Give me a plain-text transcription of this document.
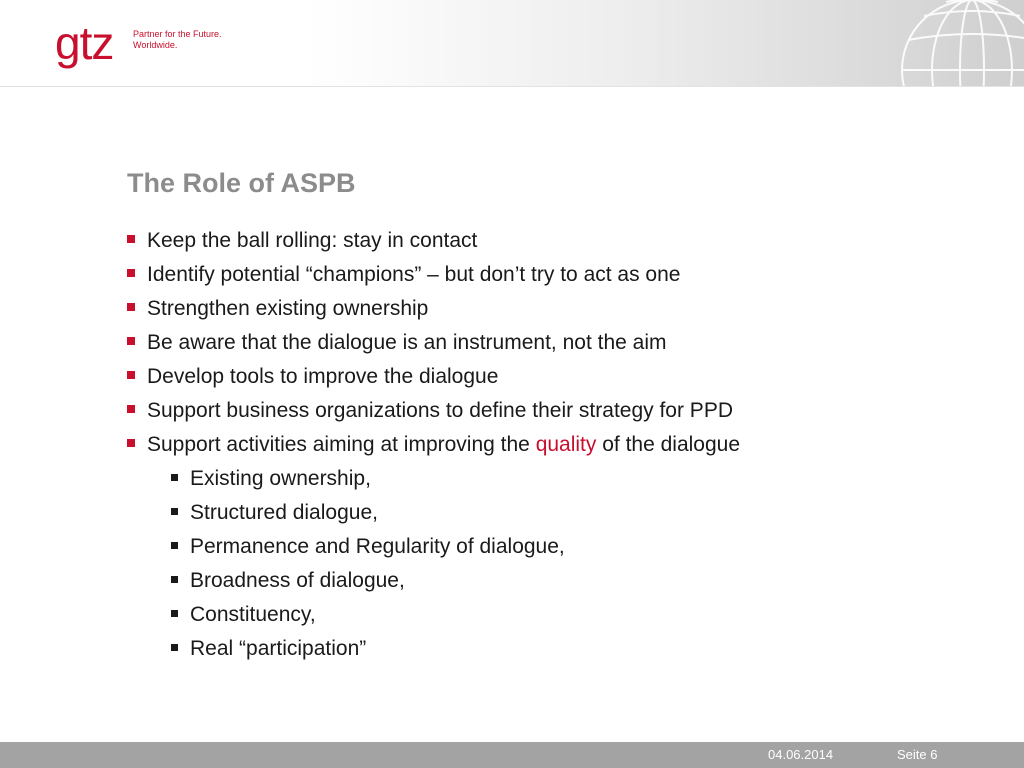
gtz Partner for the Future.
Worldwide.
The Role of ASPB
Keep the ball rolling: stay in contact
Identify potential “champions” – but don’t try to act as one
Strengthen existing ownership
Be aware that the dialogue is an instrument, not the aim
Develop tools to improve the dialogue
Support business organizations to define their strategy for PPD
Support activities aiming at improving the quality of the dialogue
Existing ownership,
Structured dialogue,
Permanence and Regularity of dialogue,
Broadness of dialogue,
Constituency,
Real “participation”
04.06.2014	Seite 6
